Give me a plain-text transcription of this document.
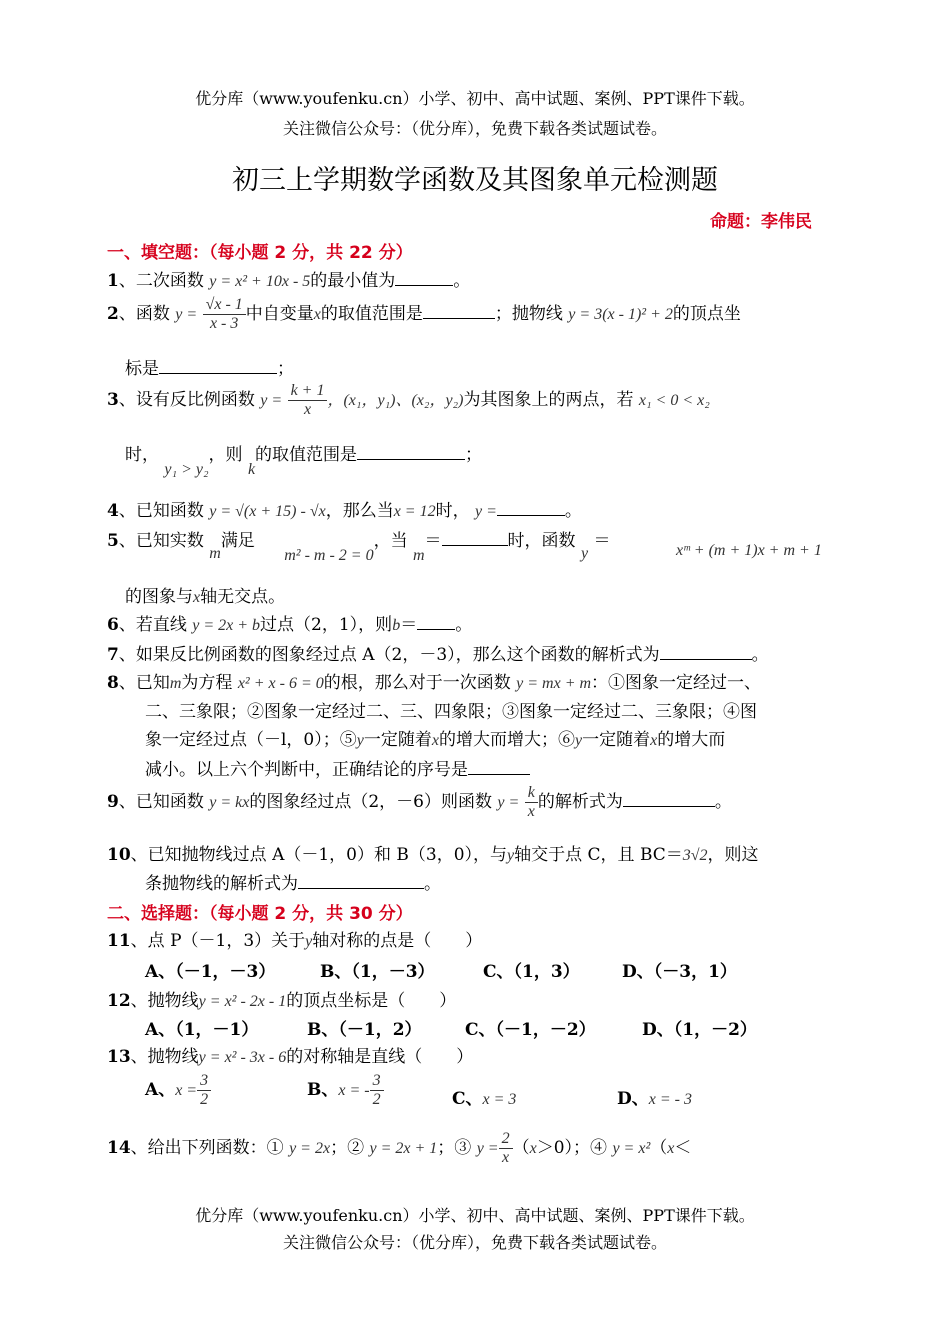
优分库（www.youfenku.cn）小学、初中、高中试题、案例、PPT课件下载。
关注微信公众号：（优分库），免费下载各类试题试卷。
初三上学期数学函数及其图象单元检测题
命题：李伟民
一、填空题：（每小题 2 分，共 22 分）
1、二次函数 y = x² + 10x - 5的最小值为	。
2、函数 $y = \frac{√x - 1}{x - 3}$ 中自变量x的取值范围是	；抛物线 y = 3(x - 1)² + 2的顶点坐
标是	；
3、设有反比例函数 $y = \frac{k + 1}{x}$ ，(x₁，y₁)、(x₂，y₂)为其图象上的两点，若 x₁ < 0 < x₂
时， y₁ > y₂，则 k的取值范围是	；
4、已知函数 y = √(x + 15) - √x，那么当x = 12时， y =	。
5、已知实数 m满足 m² - m - 2 = 0，当 m＝	时，函数 y ＝	xᵐ + (m + 1)x + m + 1
的图象与x轴无交点。
6、若直线 y = 2x + b过点（2，1），则b＝ 。
7、如果反比例函数的图象经过点 A（2，－3），那么这个函数的解析式为	。
8、已知m为方程 x² + x - 6 = 0的根，那么对于一次函数 y = mx + m：①图象一定经过一、
二、三象限；②图象一定经过二、三、四象限；③图象一定经过二、三象限；④图
象一定经过点（－l，0）；⑤y一定随着x的增大而增大；⑥y一定随着x的增大而
减小。以上六个判断中，正确结论的序号是
9、已知函数 y = kx的图象经过点（2，－6）则函数 $y = \frac{k}{x}$ 的解析式为	。
10、已知抛物线过点 A（－1，0）和 B（3，0），与y轴交于点 C，且 BC＝3√2，则这
条抛物线的解析式为	。
二、选择题：（每小题 2 分，共 30 分）
11、点 P（－1，3）关于y轴对称的点是（　　）
A、（－1，－3）	B、（1，－3）	C、（1，3） D、（－3，1）
12、抛物线y = x² - 2x - 1的顶点坐标是（　　）
A、（1，－1）	B、（－1，2）	C、（－1，－2）	D、（1，－2）
13、抛物线y = x² - 3x - 6的对称轴是直线（　　）
A、$x = \frac{3}{2}$	B、x = - $\frac{3}{2}$	C、x = 3	D、x = - 3
14、给出下列函数：① y = 2x；② y = 2x + 1；③ $y = \frac{2}{x} (x>0)$；④ y = x²（x＜
优分库（www.youfenku.cn）小学、初中、高中试题、案例、PPT课件下载。
关注微信公众号：（优分库），免费下载各类试题试卷。
